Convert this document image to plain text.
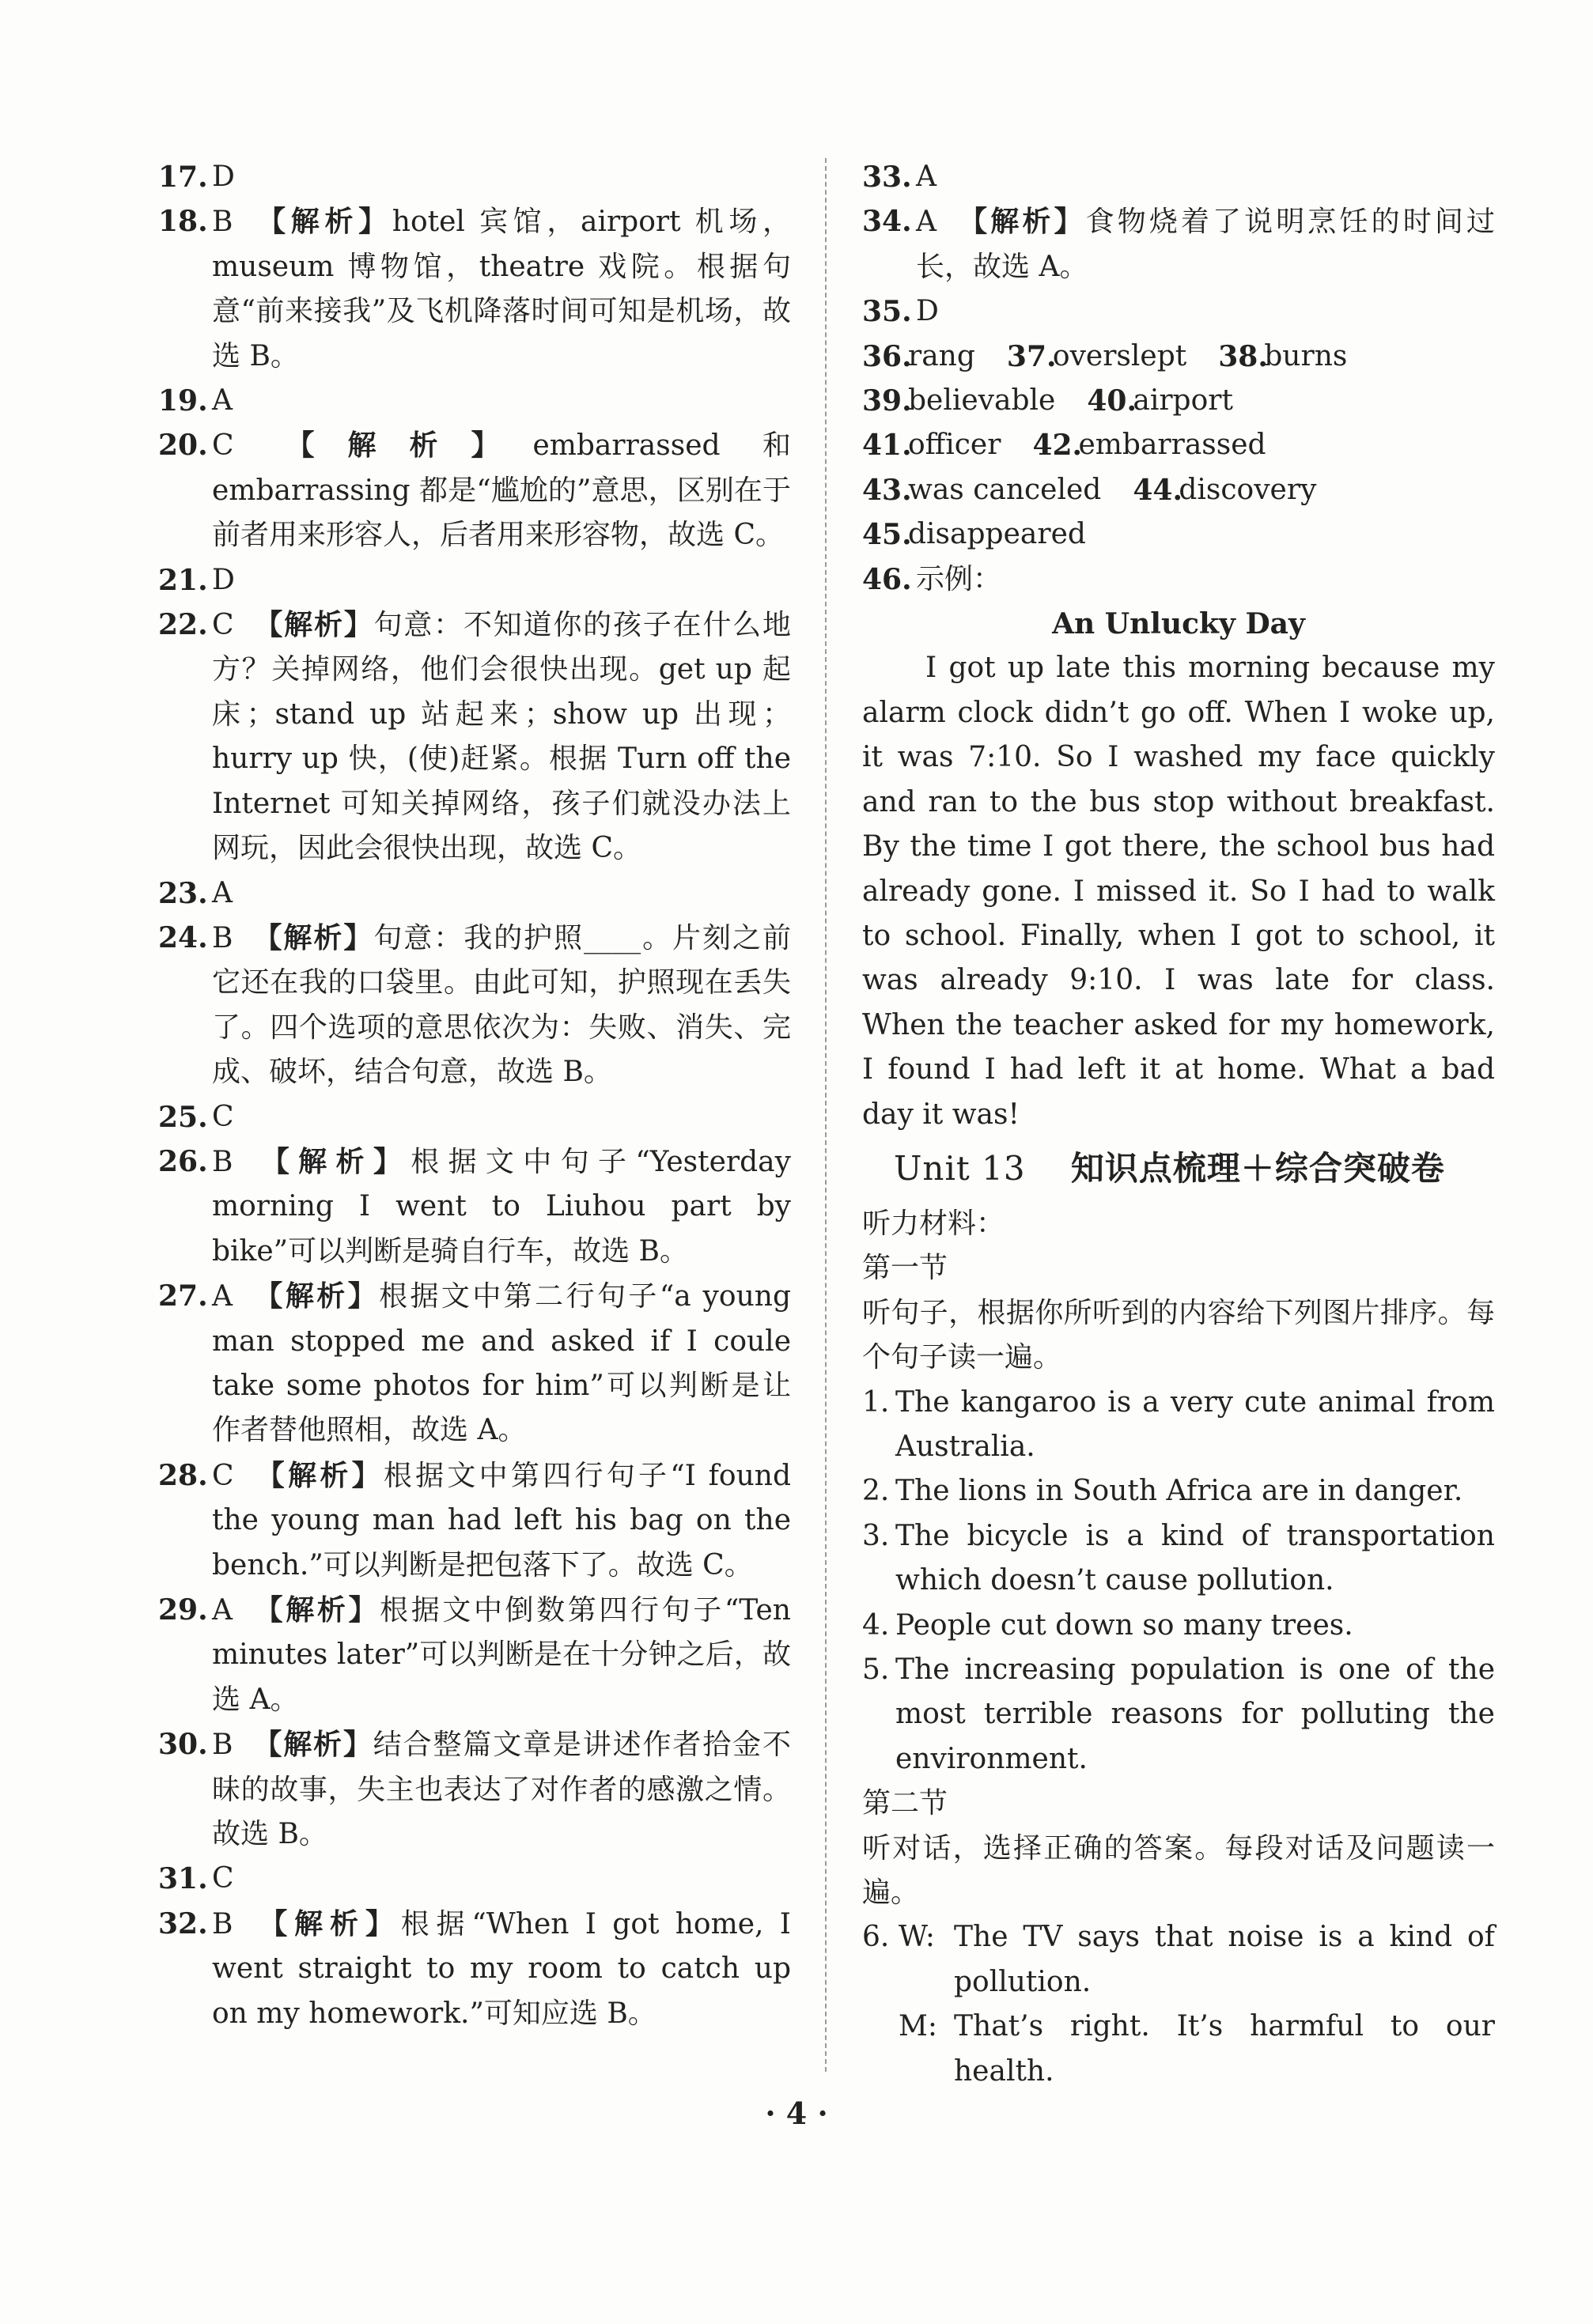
17. D
18. B 【解析】hotel 宾馆，airport 机场，museum 博物馆，theatre 戏院。根据句意“前来接我”及飞机降落时间可知是机场，故选 B。
19. A
20. C 【解析】embarrassed 和 embarrassing 都是“尴尬的”意思，区别在于前者用来形容人，后者用来形容物，故选 C。
21. D
22. C 【解析】句意：不知道你的孩子在什么地方？关掉网络，他们会很快出现。get up 起床；stand up 站起来；show up 出现；hurry up 快，(使)赶紧。根据 Turn off the Internet 可知关掉网络，孩子们就没办法上网玩，因此会很快出现，故选 C。
23. A
24. B 【解析】句意：我的护照____。片刻之前它还在我的口袋里。由此可知，护照现在丢失了。四个选项的意思依次为：失败、消失、完成、破坏，结合句意，故选 B。
25. C
26. B 【解析】根据文中句子“Yesterday morning I went to Liuhou part by bike”可以判断是骑自行车，故选 B。
27. A 【解析】根据文中第二行句子“a young man stopped me and asked if I coule take some photos for him”可以判断是让作者替他照相，故选 A。
28. C 【解析】根据文中第四行句子“I found the young man had left his bag on the bench.”可以判断是把包落下了。故选 C。
29. A 【解析】根据文中倒数第四行句子“Ten minutes later”可以判断是在十分钟之后，故选 A。
30. B 【解析】结合整篇文章是讲述作者拾金不昧的故事，失主也表达了对作者的感激之情。故选 B。
31. C
32. B 【解析】根据“When I got home, I went straight to my room to catch up on my homework.”可知应选 B。
33. A
34. A 【解析】食物烧着了说明烹饪的时间过长，故选 A。
35. D
36.
rang 37.
overslept 38.
burns
39.
believable 40.
airport
41.
officer 42.
embarrassed
43.
was canceled 44.
discovery
45.
disappeared
46. 示例：
An Unlucky Day
I got up late this morning because my alarm clock didn’t go off. When I woke up, it was 7:10. So I washed my face quickly and ran to the bus stop without breakfast. By the time I got there, the school bus had already gone. I missed it. So I had to walk to school. Finally, when I got to school, it was already 9:10. I was late for class. When the teacher asked for my homework, I found I had left it at home. What a bad day it was!
Unit 13 知识点梳理＋综合突破卷
听力材料：
第一节
听句子，根据你所听到的内容给下列图片排序。每个句子读一遍。
1. The kangaroo is a very cute animal from Australia.
2. The lions in South Africa are in danger.
3. The bicycle is a kind of transportation which doesn’t cause pollution.
4. People cut down so many trees.
5. The increasing population is one of the most terrible reasons for polluting the environment.
第二节
听对话，选择正确的答案。每段对话及问题读一遍。
6. W: The TV says that noise is a kind of pollution.
M: That’s right. It’s harmful to our health.
· 4 ·
